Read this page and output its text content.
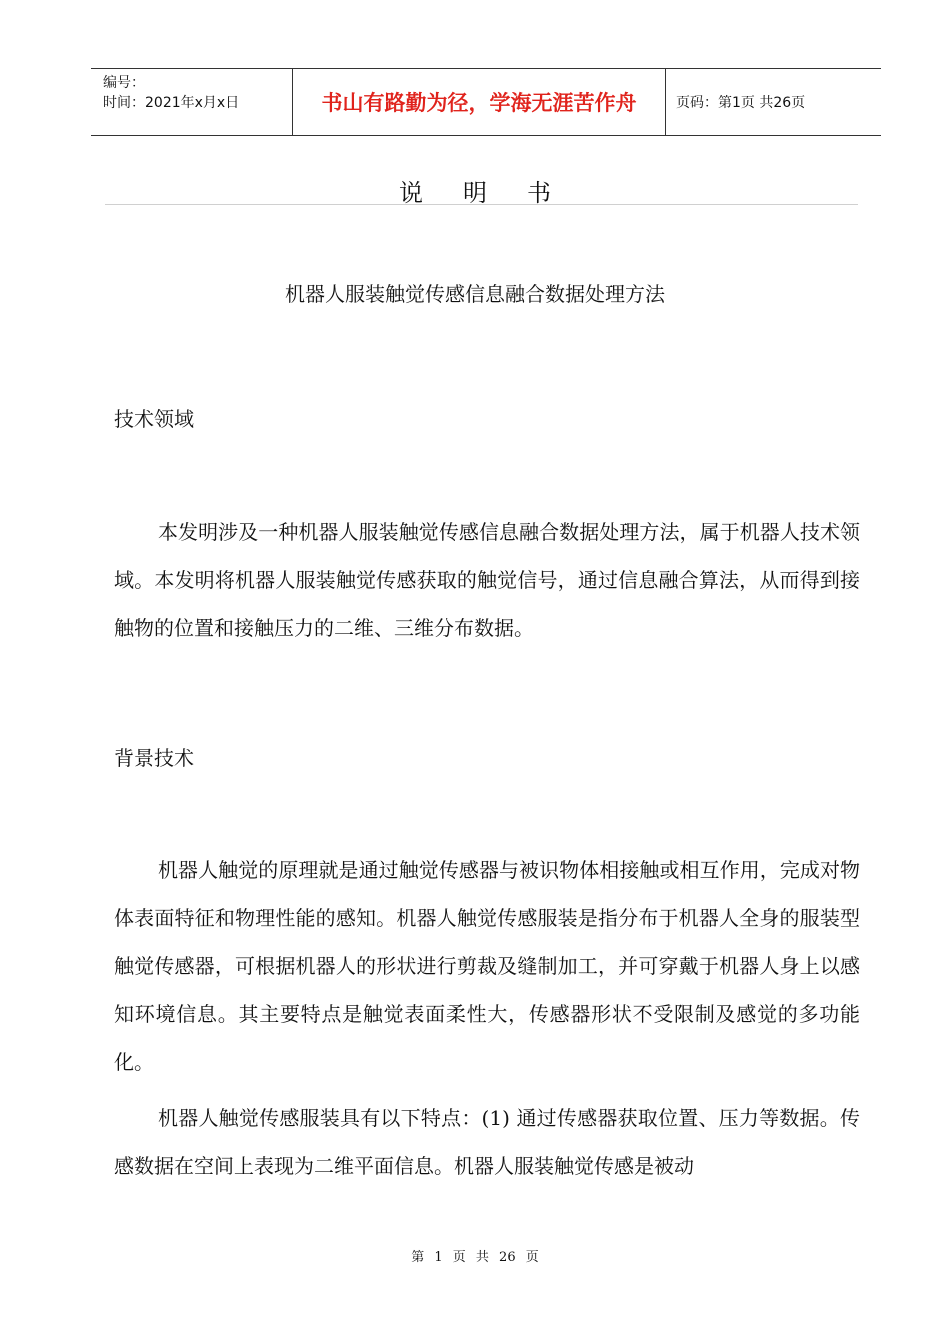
编号：
时间：2021年x月x日	书山有路勤为径，学海无涯苦作舟	页码：第1页 共26页
说明书
机器人服装触觉传感信息融合数据处理方法
技术领域

本发明涉及一种机器人服装触觉传感信息融合数据处理方法，属于机器人技术领域。本发明将机器人服装触觉传感获取的触觉信号，通过信息融合算法，从而得到接触物的位置和接触压力的二维、三维分布数据。

背景技术

机器人触觉的原理就是通过触觉传感器与被识物体相接触或相互作用，完成对物体表面特征和物理性能的感知。机器人触觉传感服装是指分布于机器人全身的服装型触觉传感器，可根据机器人的形状进行剪裁及缝制加工，并可穿戴于机器人身上以感知环境信息。其主要特点是触觉表面柔性大，传感器形状不受限制及感觉的多功能化。

机器人触觉传感服装具有以下特点：(1) 通过传感器获取位置、压力等数据。传感数据在空间上表现为二维平面信息。机器人服装触觉传感是被动

第 1 页 共 26 页
